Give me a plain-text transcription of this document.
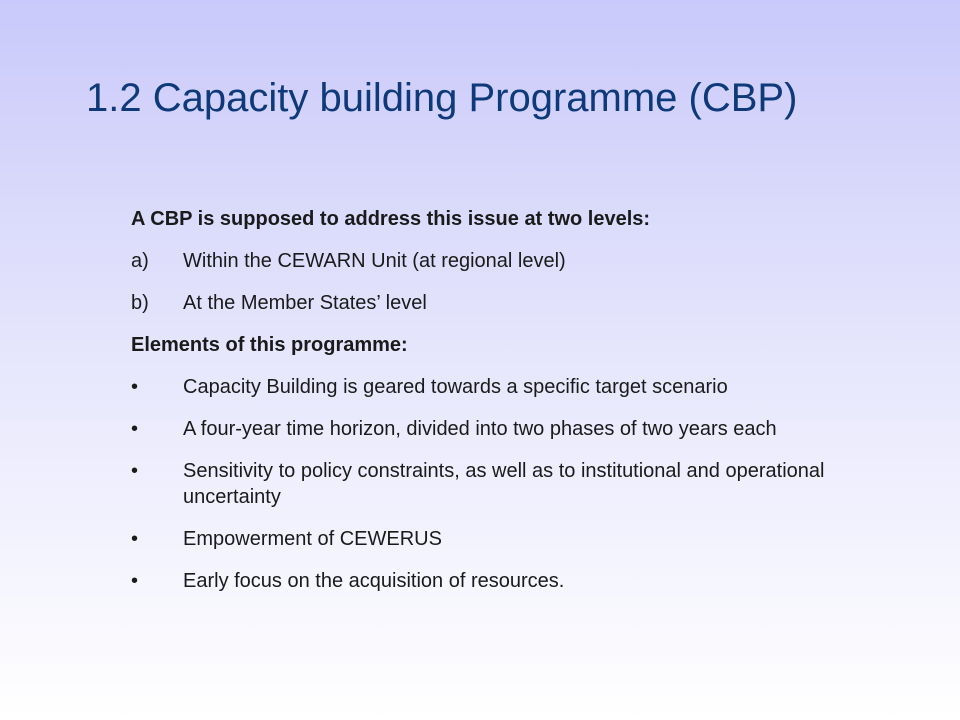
1.2 Capacity building Programme (CBP)

A CBP is supposed to address this issue at two levels:

a) Within the CEWARN Unit (at regional level)
b) At the Member States’ level

Elements of this programme:

• Capacity Building is geared towards a specific target scenario
• A four-year time horizon, divided into two phases of two years each
• Sensitivity to policy constraints, as well as to institutional and operational uncertainty
• Empowerment of CEWERUS
• Early focus on the acquisition of resources.
